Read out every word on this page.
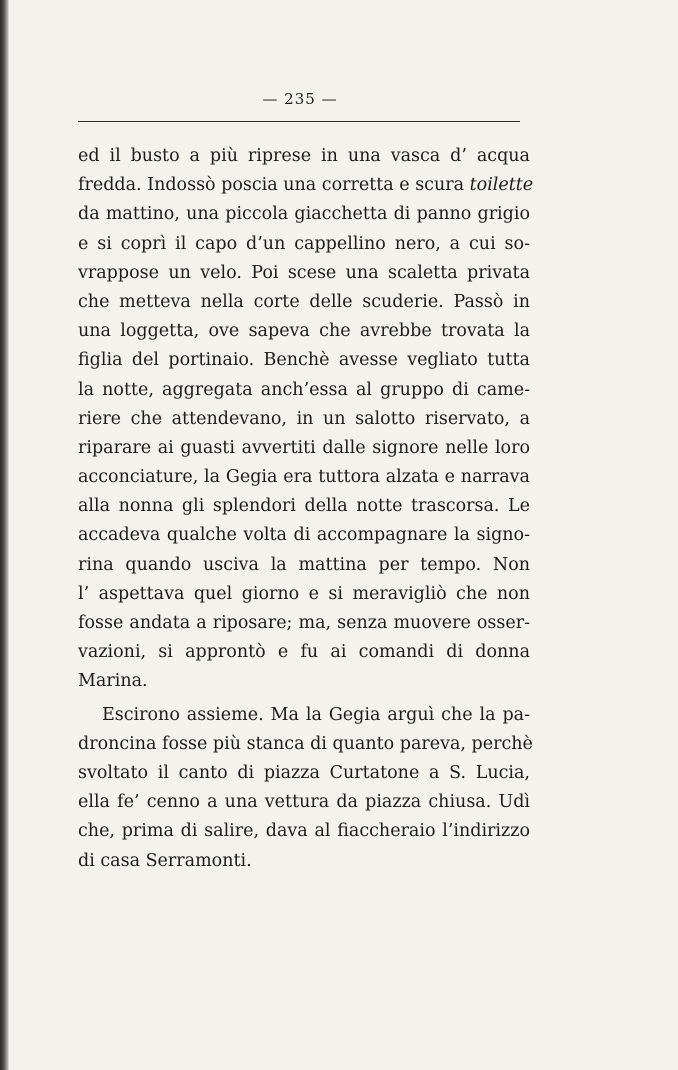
— 235 —
ed il busto a più riprese in una vasca d’ acqua
fredda. Indossò poscia una corretta e scura toilette
da mattino, una piccola giacchetta di panno grigio
e si coprì il capo d’un cappellino nero, a cui so-
vrappose un velo. Poi scese una scaletta privata
che metteva nella corte delle scuderie. Passò in
una loggetta, ove sapeva che avrebbe trovata la
figlia del portinaio. Benchè avesse vegliato tutta
la notte, aggregata anch’essa al gruppo di came-
riere che attendevano, in un salotto riservato, a
riparare ai guasti avvertiti dalle signore nelle loro
acconciature, la Gegia era tuttora alzata e narrava
alla nonna gli splendori della notte trascorsa. Le
accadeva qualche volta di accompagnare la signo-
rina quando usciva la mattina per tempo. Non
l’ aspettava quel giorno e si meravigliò che non
fosse andata a riposare; ma, senza muovere osser-
vazioni, si approntò e fu ai comandi di donna
Marina.
Escirono assieme. Ma la Gegia arguì che la pa-
droncina fosse più stanca di quanto pareva, perchè
svoltato il canto di piazza Curtatone a S. Lucia,
ella fe’ cenno a una vettura da piazza chiusa. Udì
che, prima di salire, dava al fiaccheraio l’indirizzo
di casa Serramonti.
